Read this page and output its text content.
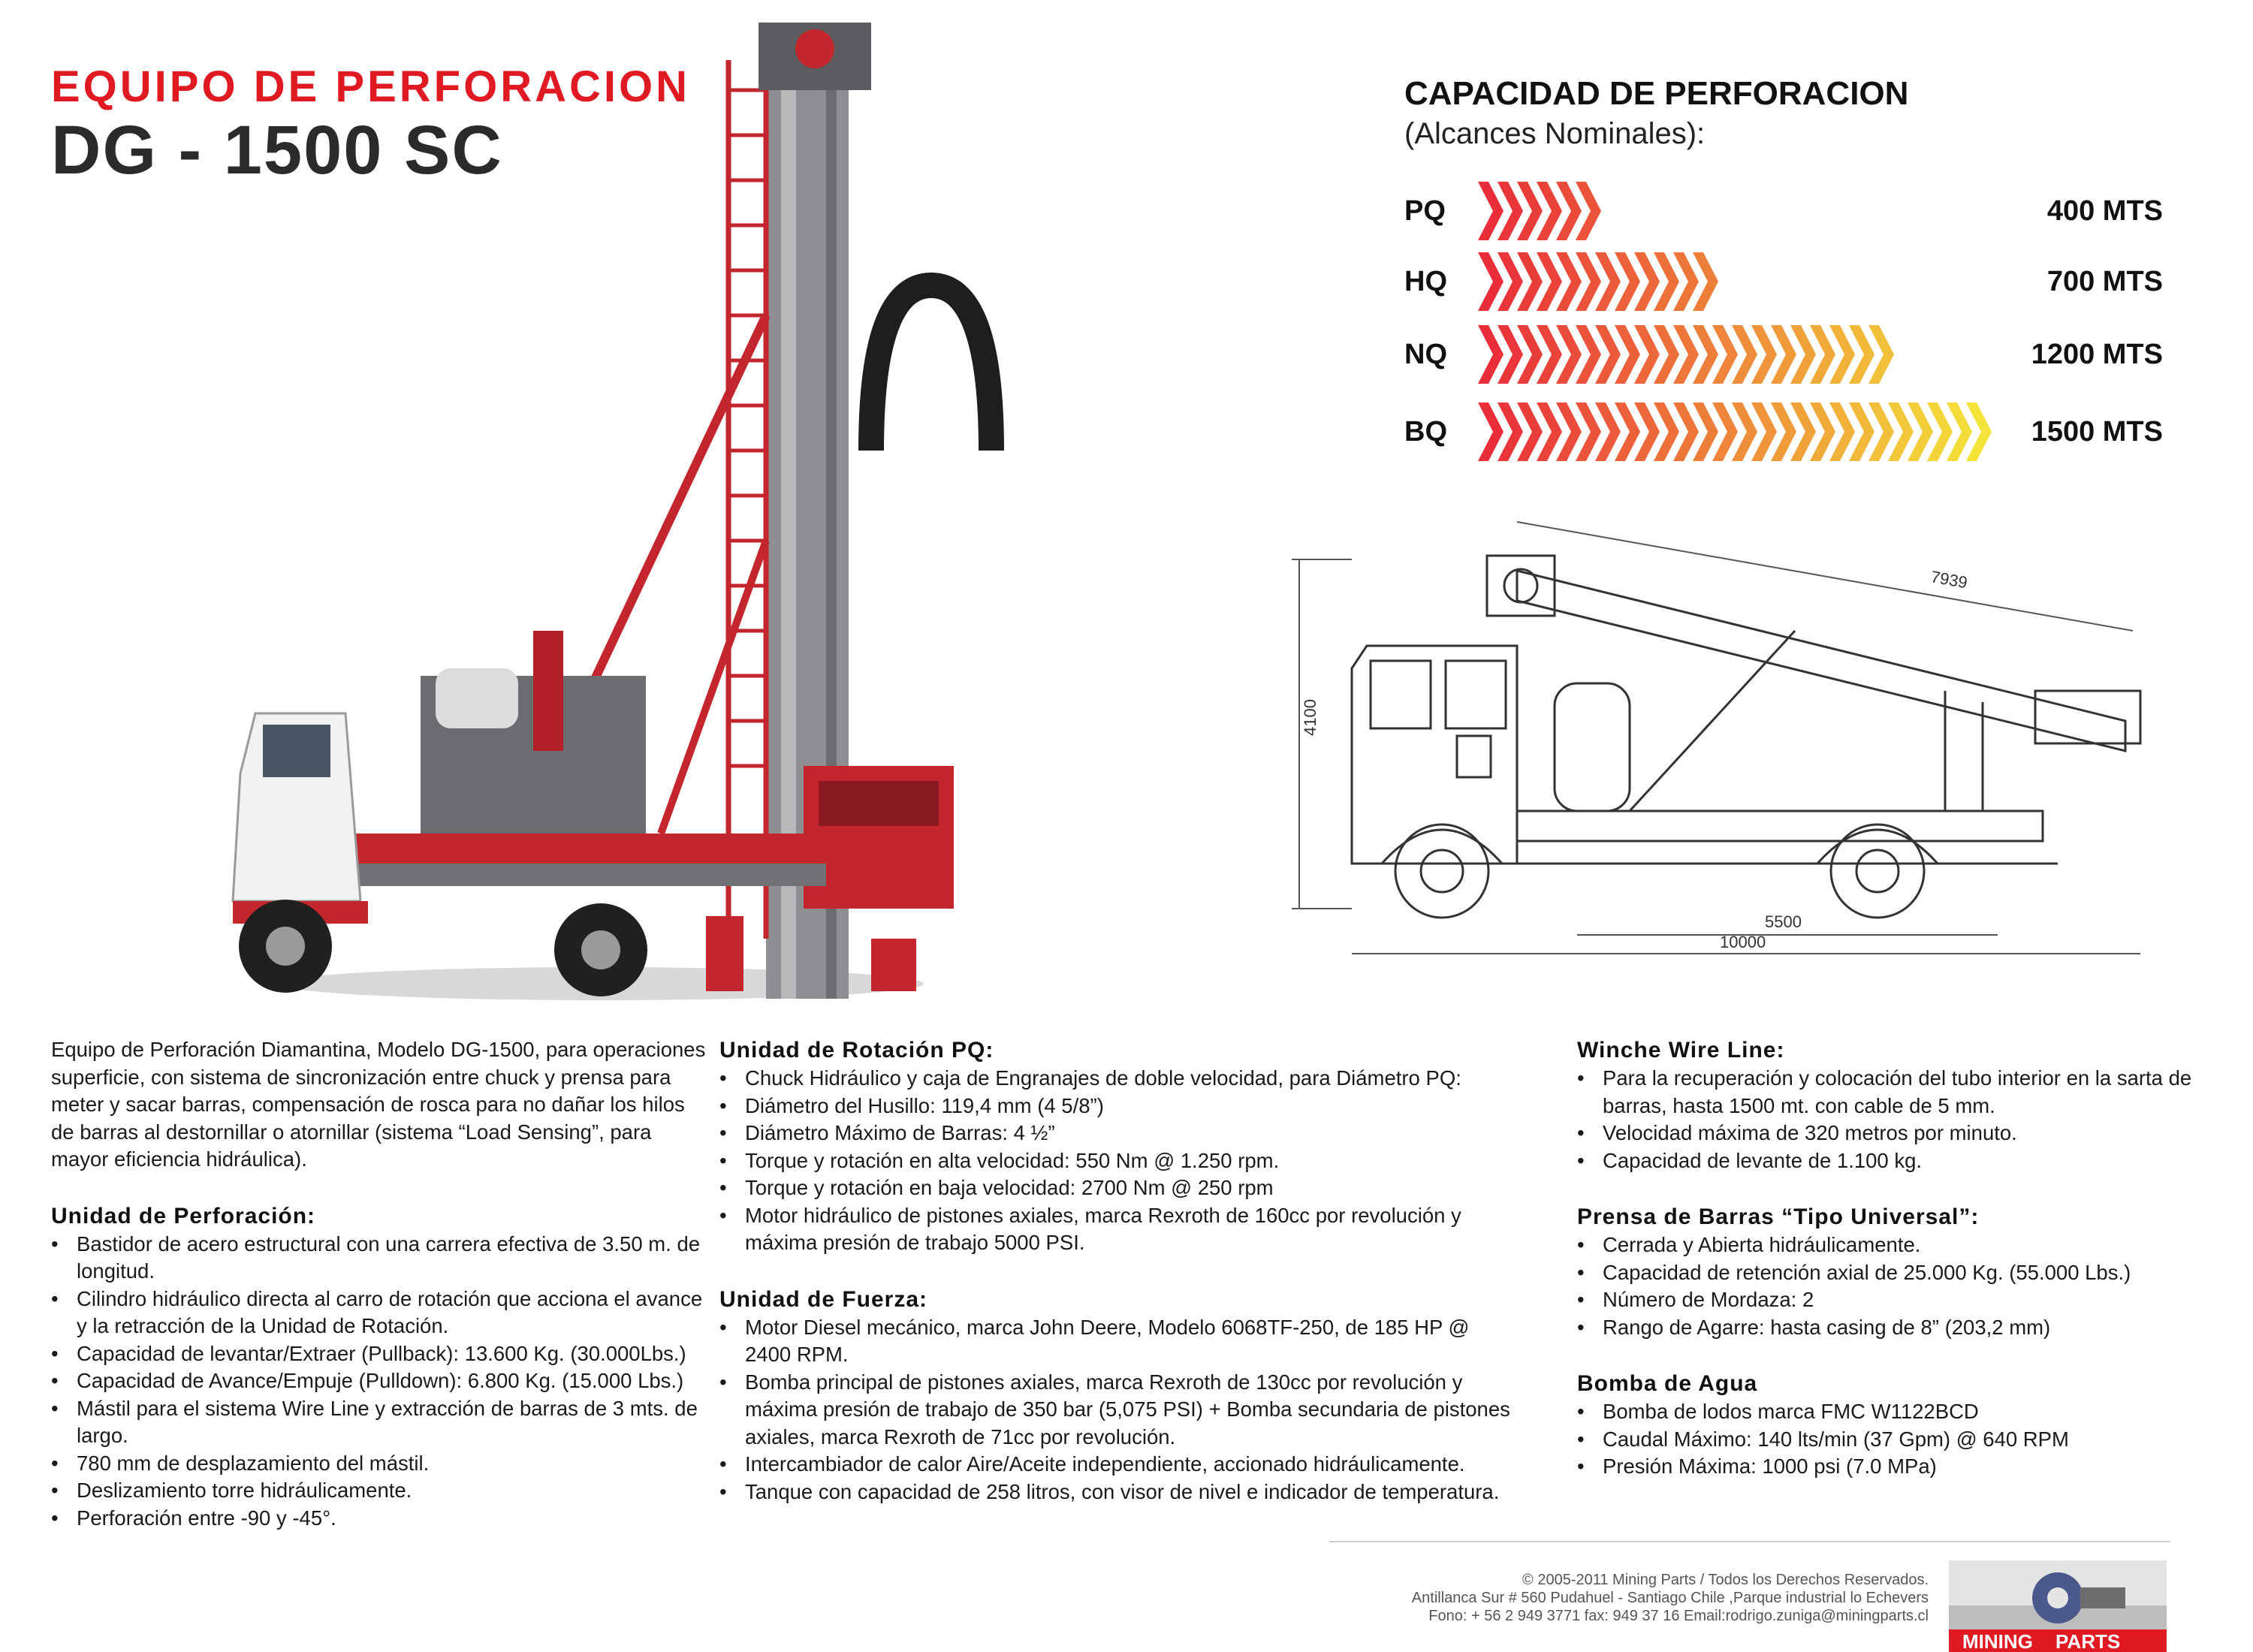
EQUIPO DE PERFORACION
DG - 1500 SC
CAPACIDAD DE PERFORACION
(Alcances Nominales):
PQ	400 MTS
HQ	700 MTS
NQ	1200 MTS
BQ	1500 MTS
4100
5500
10000
7939

Equipo de Perforación Diamantina, Modelo DG-1500, para operaciones superficie, con sistema de sincronización entre chuck y prensa para meter y sacar barras, compensación de rosca para no dañar los hilos de barras al destornillar o atornillar (sistema “Load Sensing”, para mayor eficiencia hidráulica).

Unidad de Perforación:
• Bastidor de acero estructural con una carrera efectiva de 3.50 m. de longitud.
• Cilindro hidráulico directa al carro de rotación que acciona el avance y la retracción de la Unidad de Rotación.
• Capacidad de levantar/Extraer (Pullback): 13.600 Kg. (30.000Lbs.)
• Capacidad de Avance/Empuje (Pulldown): 6.800 Kg. (15.000 Lbs.)
• Mástil para el sistema Wire Line y extracción de barras de 3 mts. de largo.
• 780 mm de desplazamiento del mástil.
• Deslizamiento torre hidráulicamente.
• Perforación entre -90 y -45°.
Unidad de Rotación PQ:
• Chuck Hidráulico y caja de Engranajes de doble velocidad, para Diámetro PQ:
• Diámetro del Husillo: 119,4 mm (4 5/8”)
• Diámetro Máximo de Barras: 4 ½”
• Torque y rotación en alta velocidad: 550 Nm @ 1.250 rpm.
• Torque y rotación en baja velocidad: 2700 Nm @ 250 rpm
• Motor hidráulico de pistones axiales, marca Rexroth de 160cc por revolución y máxima presión de trabajo 5000 PSI.
Unidad de Fuerza:
• Motor Diesel mecánico, marca John Deere, Modelo 6068TF-250, de 185 HP @ 2400 RPM.
• Bomba principal de pistones axiales, marca Rexroth de 130cc por revolución y máxima presión de trabajo de 350 bar (5,075 PSI) + Bomba secundaria de pistones axiales, marca Rexroth de 71cc por revolución.
• Intercambiador de calor Aire/Aceite independiente, accionado hidráulicamente.
• Tanque con capacidad de 258 litros, con visor de nivel e indicador de temperatura.
Winche Wire Line:
• Para la recuperación y colocación del tubo interior en la sarta de barras, hasta 1500 mt. con cable de 5 mm.
• Velocidad máxima de 320 metros por minuto.
• Capacidad de levante de 1.100 kg.
Prensa de Barras “Tipo Universal”:
• Cerrada y Abierta hidráulicamente.
• Capacidad de retención axial de 25.000 Kg. (55.000 Lbs.)
• Número de Mordaza: 2
• Rango de Agarre: hasta casing de 8” (203,2 mm)
Bomba de Agua
• Bomba de lodos marca FMC W1122BCD
• Caudal Máximo: 140 lts/min (37 Gpm) @ 640 RPM
• Presión Máxima: 1000 psi (7.0 MPa)
© 2005-2011 Mining Parts / Todos los Derechos Reservados.
Antillanca Sur # 560 Pudahuel - Santiago Chile ,Parque industrial lo Echevers
Fono: + 56 2 949 3771 fax: 949 37 16 Email:rodrigo.zuniga@miningparts.cl
MINING PARTS
